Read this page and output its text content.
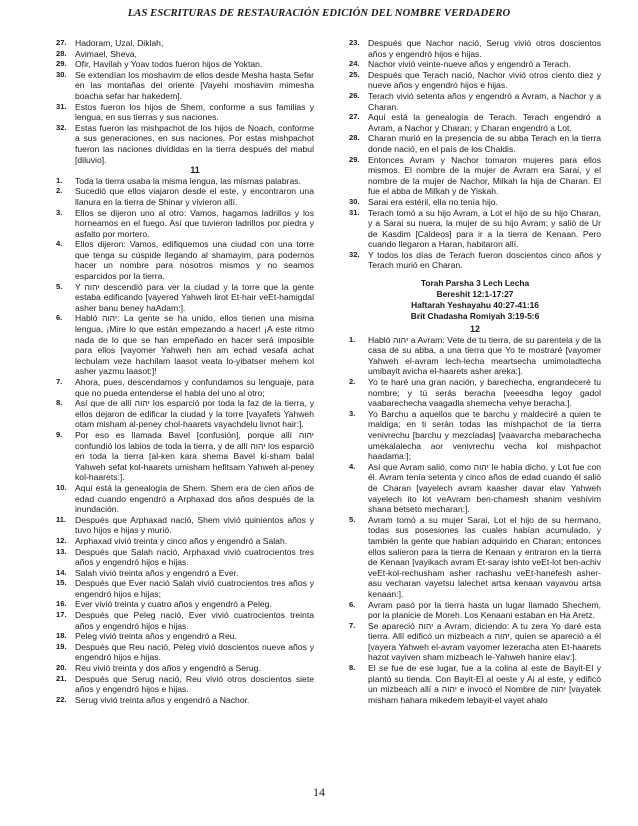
LAS ESCRITURAS DE RESTAURACIÓN EDICIÓN DEL NOMBRE VERDADERO
27. Hadoram, Uzal, Diklah,
28. Avimael, Sheva,
29. Ofir, Havilah y Yoav todos fueron hijos de Yoktan.
30. Se extendían los moshavim de ellos desde Mesha hasta Sefar en las montañas del oriente [Vayehi moshavim mimesha boacha sefar har hakedem].
31. Estos fueron los hijos de Shem, conforme a sus familias y lengua, en sus tierras y sus naciones.
32. Estas fueron las mishpachot de los hijos de Noach, conforme a sus generaciones, en sus naciones. Por estas mishpachot fueron las naciones divididas en la tierra después del mabul [diluvio].
11
1.	Toda la tierra usaba la misma lengua, las mismas palabras.
2.	Sucedió que ellos viajaron desde el este, y encontraron una llanura en la tierra de Shinar y vivieron allí.
3.	Ellos se dijeron uno al otro: Vamos, hagamos ladrillos y los horneamos en el fuego. Así que tuvieron ladrillos por piedra y asfalto por mortero.
4.	Ellos dijeron: Vamos, edifiquemos una ciudad con una torre que tenga su cúspide llegando al shamayim, para podernos hacer un nombre para nosotros mismos y no seamos esparcidos por la tierra.
5.	Y יהוה descendió para ver la ciudad y la torre que la gente estaba edificando [vayered Yahweh lirot Et-hair veEt-hamigdal asher banu beney haAdam:].
6.	Habló יהוה: La gente se ha unido, ellos tienen una misma lengua, ¡Mire lo que están empezando a hacer! ¡A este ritmo nada de lo que se han empeñado en hacer será imposible para ellos [vayomer Yahweh hen am echad vesafa achat lechulam veze hachilam laasot veata lo-yibatser mehem kol asher yazmu laasot:]!
7.	Ahora, pues, descendamos y confundamos su lenguaje, para que no pueda entenderse el habla del uno al otro;
8.	Así que de allí יהוה los esparció por toda la faz de la tierra, y ellos dejaron de edificar la ciudad y la torre [vayafets Yahweh otam misham al-peney chol-haarets vayachdelu livnot hair:].
9.	Por eso es llamada Bavel [confusión], porque allí יהוה confundió los labios de toda la tierra, y de allí יהוה los esparció en toda la tierra [al-ken kara shema Bavel ki-sham balal Yahweh sefat kol-haarets umisham hefitsam Yahweh al-peney kol-haarets:].
10. Aquí está la genealogía de Shem. Shem era de cien años de edad cuando engendró a Arphaxad dos años después de la inundación.
11.	Después que Arphaxad nació, Shem vivió quinientos años y tuvo hijos e hijas y murió.
12. Arphaxad vivió treinta y cinco años y engendró a Salah.
13. Después que Salah nació, Arphaxad vivió cuatrocientos tres años y engendró hijos e hijas.
14. Salah vivió treinta años y engendró a Ever.
15. Después que Ever nació Salah vivió cuatrocientos tres años y engendró hijos e hijas;
16. Ever vivió treinta y cuatro años y engendró a Peleg.
17. Después que Peleg nació, Ever vivió cuatrocientos treinta años y engendró hijos e hijas.
18. Peleg vivió treinta años y engendró a Reu.
19. Después que Reu nació, Peleg vivió doscientos nueve años y engendró hijos e hijas.
20. Reu vivió treinta y dos años y engendró a Serug.
21. Después que Serug nació, Reu vivió otros doscientos siete años y engendró hijos e hijas.
22. Serug vivió treinta años y engendró a Nachor.
23. Después que Nachor nació, Serug vivió otros doscientos años y engendró hijos e hijas.
24. Nachor vivió veinte-nueve años y engendró a Terach.
25. Después que Terach nació, Nachor vivió otros ciento diez y nueve años y engendró hijos e hijas.
26. Terach vivió setenta años y engendró a Avram, a Nachor y a Charan.
27. Aquí está la genealogía de Terach. Terach engendró a Avram, a Nachor y Charan; y Charan engendró a Lot.
28. Charan murió en la presencia de su abba Terach en la tierra donde nació, en el país de los Chaldis.
29. Entonces Avram y Nachor tomaron mujeres para ellos mismos. El nombre de la mujer de Avram era Sarai, y el nombre de la mujer de Nachor, Milkah la hija de Charan. El fue el abba de Milkah y de Yiskah.
30. Sarai era estéril, ella no tenía hijo.
31. Terach tomó a su hijo Avram, a Lot el hijo de su hijo Charan, y a Sarai su nuera, la mujer de su hijo Avram; y salió de Ur de Kasdim [Caldeos] para ir a la tierra de Kenaan. Pero cuando llegaron a Haran, habitaron allí.
32. Y todos los días de Terach fueron doscientos cinco años y Terach murió en Charan.
Torah Parsha 3 Lech Lecha
Bereshit 12:1-17:27
Haftarah Yeshayahu 40:27-41:16
Brit Chadasha Romiyah 3:19-5:6
12
1.	Habló יהוה a Avram: Vete de tu tierra, de su parentela y de la casa de su abba, a una tierra que Yo te mostraré [vayomer Yahweh el-avram lech-lecha meartsecha umimoladtecha umibayit avicha el-haarets asher areka:].
2.	Yo te haré una gran nación, y barechecha, engrandeceré tu nombre; y tú serás beracha [veeesdha legoy gadol vaabarechecha vaagadla shemecha vehye beracha:].
3.	Yo Barchu a aquellos que te barchu y maldeciré a quien te maldiga; en ti serán todas las mishpachot de la tierra venivrechu [barchu y mezcladas] [vaavarcha mebarachecha umekalalecha aor venivrechu vecha kol mishpachot haadama:];
4.	Así que Avram salió, como יהוה le había dicho, y Lot fue con él. Avram tenía setenta y cinco años de edad cuando él salió de Charan [vayelech avram kaasher davar elav Yahweh vayelech ito lot veAvram ben-chamesh shanim veshivim shana betseto mecharan:].
5.	Avram tomó a su mujer Sarai, Lot el hijo de su hermano, todas sus posesiones las cuales habían acumulado, y también la gente que habían adquirido en Charan; entonces ellos salieron para la tierra de Kenaan y entraron en la tierra de Kenaan [vayikach avram Et-saray ishto veEt-lot ben-achiv veEt-kol-rechusham asher rachashu veEt-hanefesh asher-asu vecharan vayetsu lalechet artsa kenaan vayavou artsa kenaan:].
6.	Avram pasó por la tierra hasta un lugar llamado Shechem, por la planicie de Moreh. Los Kenaani estaban en Ha Aretz.
7.	Se apareció יהוה a Avram, diciendo: A tu zera Yo daré esta tierra. Allí edificó un mizbeach a יהוה, quien se apareció a él [vayera Yahweh el-avram vayomer lezeracha aten Et-haarets hazot vayiven sham mizbeach le-Yahweh hanire elav:].
8.	El se fue de ese lugar, fue a la colina al este de Bayit-El y plantó su tienda. Con Bayit-El al oeste y Ai al este, y edificó un mizbeach allí a יהוה e invocó el Nombre de יהוה [vayatek misham hahara mikedem lebayit-el vayet ahalo
14
